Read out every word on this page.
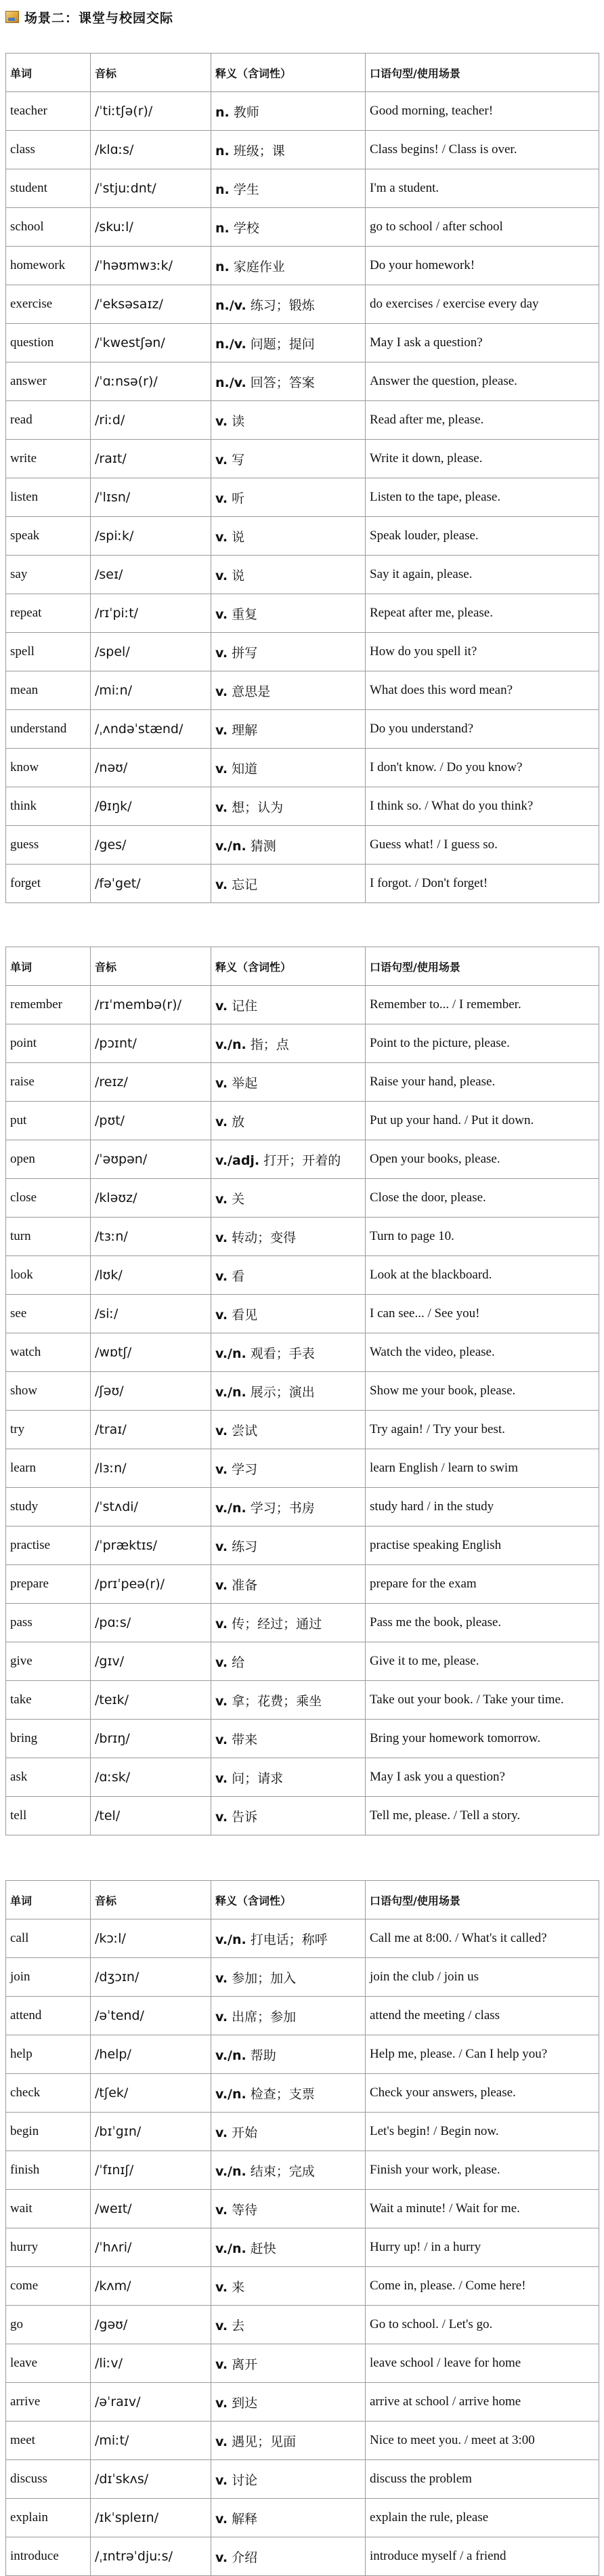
场景二：课堂与校园交际
单词	音标	释义（含词性）	口语句型/使用场景
teacher	/ˈtiːtʃə(r)/	n. 教师	Good morning, teacher!
class	/klɑːs/	n. 班级；课	Class begins! / Class is over.
student	/ˈstjuːdnt/	n. 学生	I'm a student.
school	/skuːl/	n. 学校	go to school / after school
homework	/ˈhəʊmwɜːk/	n. 家庭作业	Do your homework!
exercise	/ˈeksəsaɪz/	n./v. 练习；锻炼	do exercises / exercise every day
question	/ˈkwestʃən/	n./v. 问题；提问	May I ask a question?
answer	/ˈɑːnsə(r)/	n./v. 回答；答案	Answer the question, please.
read	/riːd/	v. 读	Read after me, please.
write	/raɪt/	v. 写	Write it down, please.
listen	/ˈlɪsn/	v. 听	Listen to the tape, please.
speak	/spiːk/	v. 说	Speak louder, please.
say	/seɪ/	v. 说	Say it again, please.
repeat	/rɪˈpiːt/	v. 重复	Repeat after me, please.
spell	/spel/	v. 拼写	How do you spell it?
mean	/miːn/	v. 意思是	What does this word mean?
understand	/ˌʌndəˈstænd/	v. 理解	Do you understand?
know	/nəʊ/	v. 知道	I don't know. / Do you know?
think	/θɪŋk/	v. 想；认为	I think so. / What do you think?
guess	/ges/	v./n. 猜测	Guess what! / I guess so.
forget	/fəˈget/	v. 忘记	I forgot. / Don't forget!
单词	音标	释义（含词性）	口语句型/使用场景
remember	/rɪˈmembə(r)/	v. 记住	Remember to... / I remember.
point	/pɔɪnt/	v./n. 指；点	Point to the picture, please.
raise	/reɪz/	v. 举起	Raise your hand, please.
put	/pʊt/	v. 放	Put up your hand. / Put it down.
open	/ˈəʊpən/	v./adj. 打开；开着的	Open your books, please.
close	/kləʊz/	v. 关	Close the door, please.
turn	/tɜːn/	v. 转动；变得	Turn to page 10.
look	/lʊk/	v. 看	Look at the blackboard.
see	/siː/	v. 看见	I can see... / See you!
watch	/wɒtʃ/	v./n. 观看；手表	Watch the video, please.
show	/ʃəʊ/	v./n. 展示；演出	Show me your book, please.
try	/traɪ/	v. 尝试	Try again! / Try your best.
learn	/lɜːn/	v. 学习	learn English / learn to swim
study	/ˈstʌdi/	v./n. 学习；书房	study hard / in the study
practise	/ˈpræktɪs/	v. 练习	practise speaking English
prepare	/prɪˈpeə(r)/	v. 准备	prepare for the exam
pass	/pɑːs/	v. 传；经过；通过	Pass me the book, please.
give	/gɪv/	v. 给	Give it to me, please.
take	/teɪk/	v. 拿；花费；乘坐	Take out your book. / Take your time.
bring	/brɪŋ/	v. 带来	Bring your homework tomorrow.
ask	/ɑːsk/	v. 问；请求	May I ask you a question?
tell	/tel/	v. 告诉	Tell me, please. / Tell a story.
单词	音标	释义（含词性）	口语句型/使用场景
call	/kɔːl/	v./n. 打电话；称呼	Call me at 8:00. / What's it called?
join	/dʒɔɪn/	v. 参加；加入	join the club / join us
attend	/əˈtend/	v. 出席；参加	attend the meeting / class
help	/help/	v./n. 帮助	Help me, please. / Can I help you?
check	/tʃek/	v./n. 检查；支票	Check your answers, please.
begin	/bɪˈgɪn/	v. 开始	Let's begin! / Begin now.
finish	/ˈfɪnɪʃ/	v./n. 结束；完成	Finish your work, please.
wait	/weɪt/	v. 等待	Wait a minute! / Wait for me.
hurry	/ˈhʌri/	v./n. 赶快	Hurry up! / in a hurry
come	/kʌm/	v. 来	Come in, please. / Come here!
go	/gəʊ/	v. 去	Go to school. / Let's go.
leave	/liːv/	v. 离开	leave school / leave for home
arrive	/əˈraɪv/	v. 到达	arrive at school / arrive home
meet	/miːt/	v. 遇见；见面	Nice to meet you. / meet at 3:00
discuss	/dɪˈskʌs/	v. 讨论	discuss the problem
explain	/ɪkˈspleɪn/	v. 解释	explain the rule, please
introduce	/ˌɪntrəˈdjuːs/	v. 介绍	introduce myself / a friend
